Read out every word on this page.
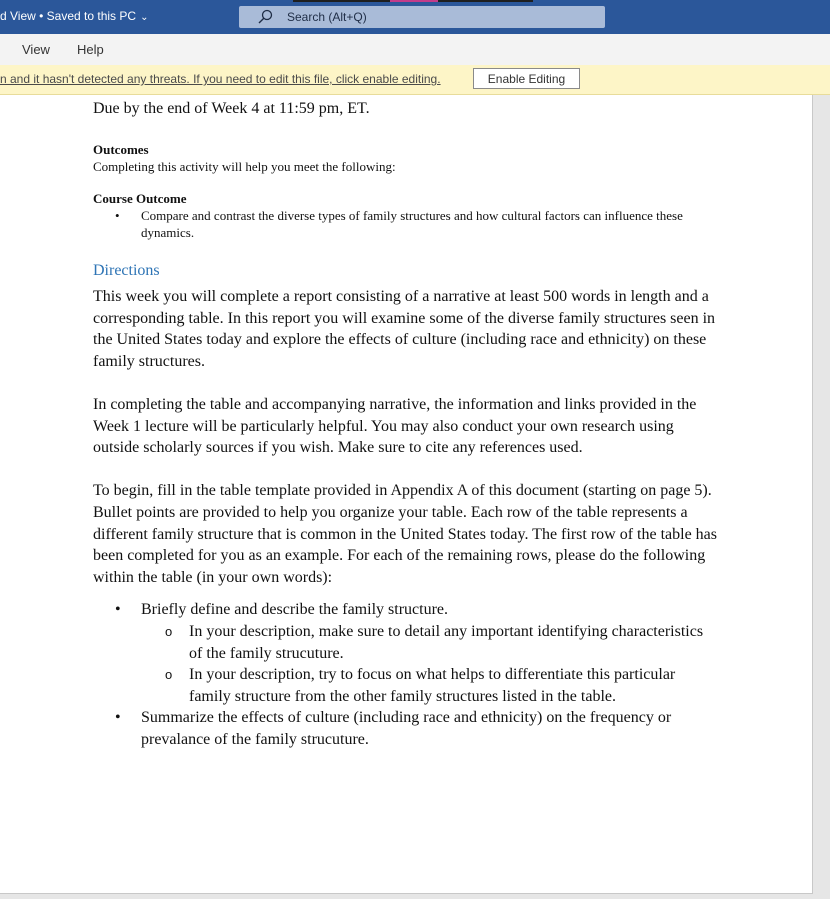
d View • Saved to this PC ⌄	Search (Alt+Q)
View Help
n and it hasn't detected any threats. If you need to edit this file, click enable editing.	Enable Editing

Due by the end of Week 4 at 11:59 pm, ET.

Outcomes

Completing this activity will help you meet the following:

Course Outcome

• Compare and contrast the diverse types of family structures and how cultural factors can influence these dynamics.
Directions

This week you will complete a report consisting of a narrative at least 500 words in length and a corresponding table. In this report you will examine some of the diverse family structures seen in the United States today and explore the effects of culture (including race and ethnicity) on these family structures.

In completing the table and accompanying narrative, the information and links provided in the Week 1 lecture will be particularly helpful. You may also conduct your own research using outside scholarly sources if you wish. Make sure to cite any references used.

To begin, fill in the table template provided in Appendix A of this document (starting on page 5). Bullet points are provided to help you organize your table. Each row of the table represents a different family structure that is common in the United States today. The first row of the table has been completed for you as an example. For each of the remaining rows, please do the following within the table (in your own words):

• Briefly define and describe the family structure.
o In your description, make sure to detail any important identifying characteristics of the family strucuture.
o In your description, try to focus on what helps to differentiate this particular family structure from the other family structures listed in the table.
• Summarize the effects of culture (including race and ethnicity) on the frequency or prevalance of the family strucuture.
